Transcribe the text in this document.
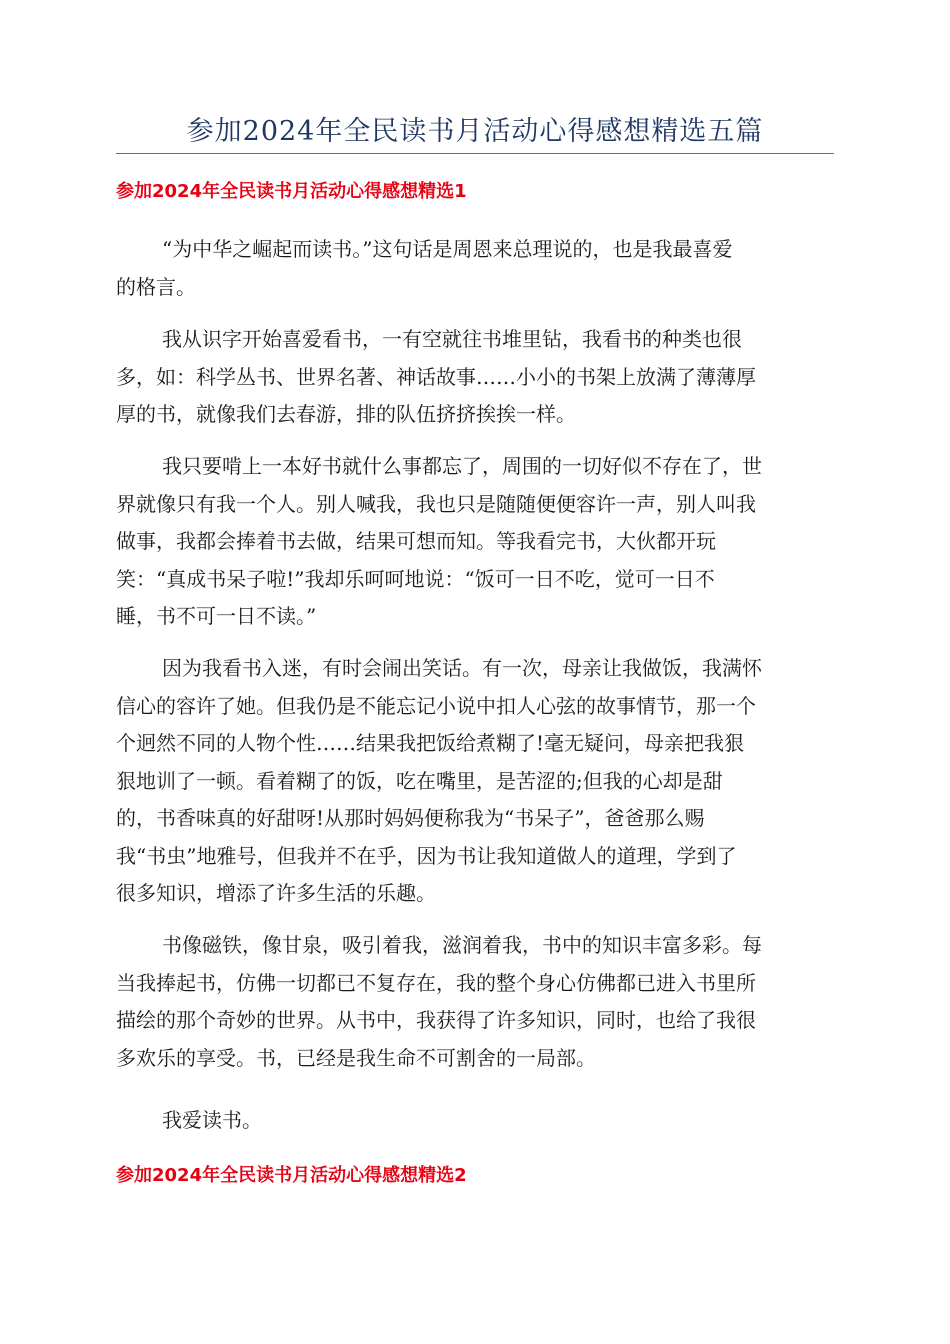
参加2024年全民读书月活动心得感想精选五篇
参加2024年全民读书月活动心得感想精选1
“为中华之崛起而读书。”这句话是周恩来总理说的，也是我最喜爱
的格言。
我从识字开始喜爱看书，一有空就往书堆里钻，我看书的种类也很
多，如：科学丛书、世界名著、神话故事……小小的书架上放满了薄薄厚
厚的书，就像我们去春游，排的队伍挤挤挨挨一样。
我只要啃上一本好书就什么事都忘了，周围的一切好似不存在了，世
界就像只有我一个人。别人喊我，我也只是随随便便容许一声，别人叫我
做事，我都会捧着书去做，结果可想而知。等我看完书，大伙都开玩
笑：“真成书呆子啦!”我却乐呵呵地说：“饭可一日不吃，觉可一日不
睡，书不可一日不读。”
因为我看书入迷，有时会闹出笑话。有一次，母亲让我做饭，我满怀
信心的容许了她。但我仍是不能忘记小说中扣人心弦的故事情节，那一个
个迥然不同的人物个性……结果我把饭给煮糊了!毫无疑问，母亲把我狠
狠地训了一顿。看着糊了的饭，吃在嘴里，是苦涩的;但我的心却是甜
的，书香味真的好甜呀!从那时妈妈便称我为“书呆子”，爸爸那么赐
我“书虫”地雅号，但我并不在乎，因为书让我知道做人的道理，学到了
很多知识，增添了许多生活的乐趣。
书像磁铁，像甘泉，吸引着我，滋润着我，书中的知识丰富多彩。每
当我捧起书，仿佛一切都已不复存在，我的整个身心仿佛都已进入书里所
描绘的那个奇妙的世界。从书中，我获得了许多知识，同时，也给了我很
多欢乐的享受。书，已经是我生命不可割舍的一局部。
我爱读书。
参加2024年全民读书月活动心得感想精选2
